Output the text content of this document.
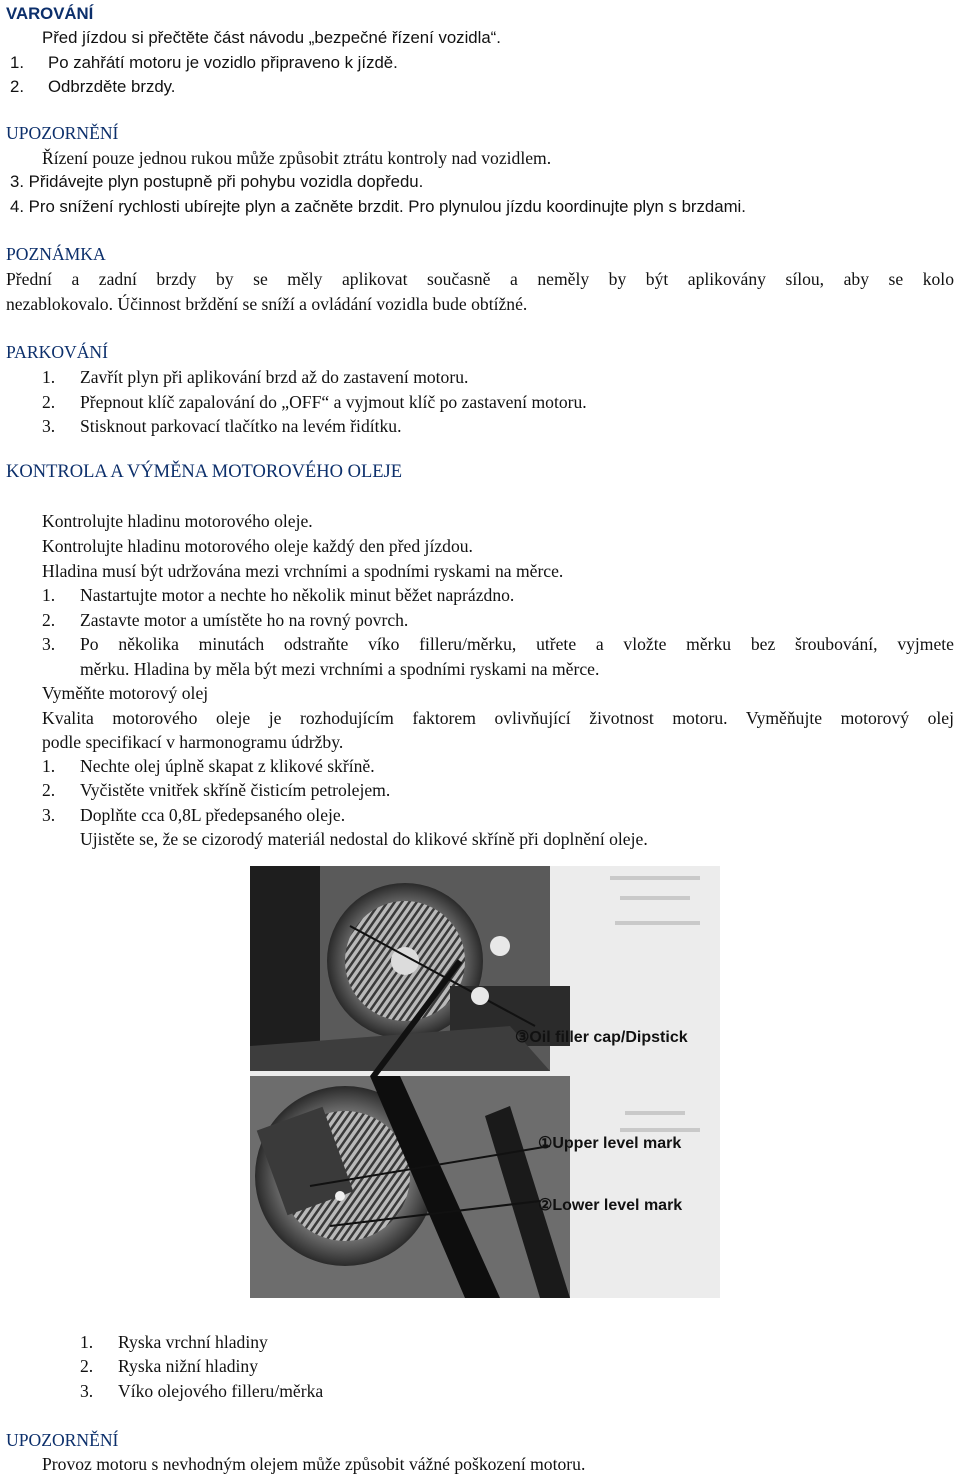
VAROVÁNÍ
Před jízdou si přečtěte část návodu „bezpečné řízení vozidla“.
1. Po zahřátí motoru je vozidlo připraveno k jízdě.
2. Odbrzděte brzdy.
UPOZORNĚNÍ
Řízení pouze jednou rukou může způsobit ztrátu kontroly nad vozidlem.
3. Přidávejte plyn postupně při pohybu vozidla dopředu.
4. Pro snížení rychlosti ubírejte plyn a začněte brzdit. Pro plynulou jízdu koordinujte plyn s brzdami.
POZNÁMKA
Přední a zadní brzdy by se měly aplikovat současně a neměly by být aplikovány sílou, aby se kolo
nezablokovalo. Účinnost brždění se sníží a ovládání vozidla bude obtížné.
PARKOVÁNÍ
1. Zavřít plyn při aplikování brzd až do zastavení motoru.
2. Přepnout klíč zapalování do „OFF“ a vyjmout klíč po zastavení motoru.
3. Stisknout parkovací tlačítko na levém řidítku.
KONTROLA A VÝMĚNA MOTOROVÉHO OLEJE
Kontrolujte hladinu motorového oleje.
Kontrolujte hladinu motorového oleje každý den před jízdou.
Hladina musí být udržována mezi vrchními a spodními ryskami na měrce.
1. Nastartujte motor a nechte ho několik minut běžet naprázdno.
2. Zastavte motor a umístěte ho na rovný povrch.
3.	Po několika minutách odstraňte víko filleru/měrku, utřete a vložte měrku bez šroubování, vyjmete
měrku. Hladina by měla být mezi vrchními a spodními ryskami na měrce.
Vyměňte motorový olej
Kvalita motorového oleje je rozhodujícím faktorem ovlivňující životnost motoru. Vyměňujte motorový olej
podle specifikací v harmonogramu údržby.
1. Nechte olej úplně skapat z klikové skříně.
2. Vyčistěte vnitřek skříně čisticím petrolejem.
3. Doplňte cca 0,8L předepsaného oleje.
Ujistěte se, že se cizorodý materiál nedostal do klikové skříně při doplnění oleje.
③Oil filler cap/Dipstick
①Upper level mark
②Lower level mark
1. Ryska vrchní hladiny
2. Ryska nižní hladiny
3. Víko olejového filleru/měrka
UPOZORNĚNÍ
Provoz motoru s nevhodným olejem může způsobit vážné poškození motoru.
